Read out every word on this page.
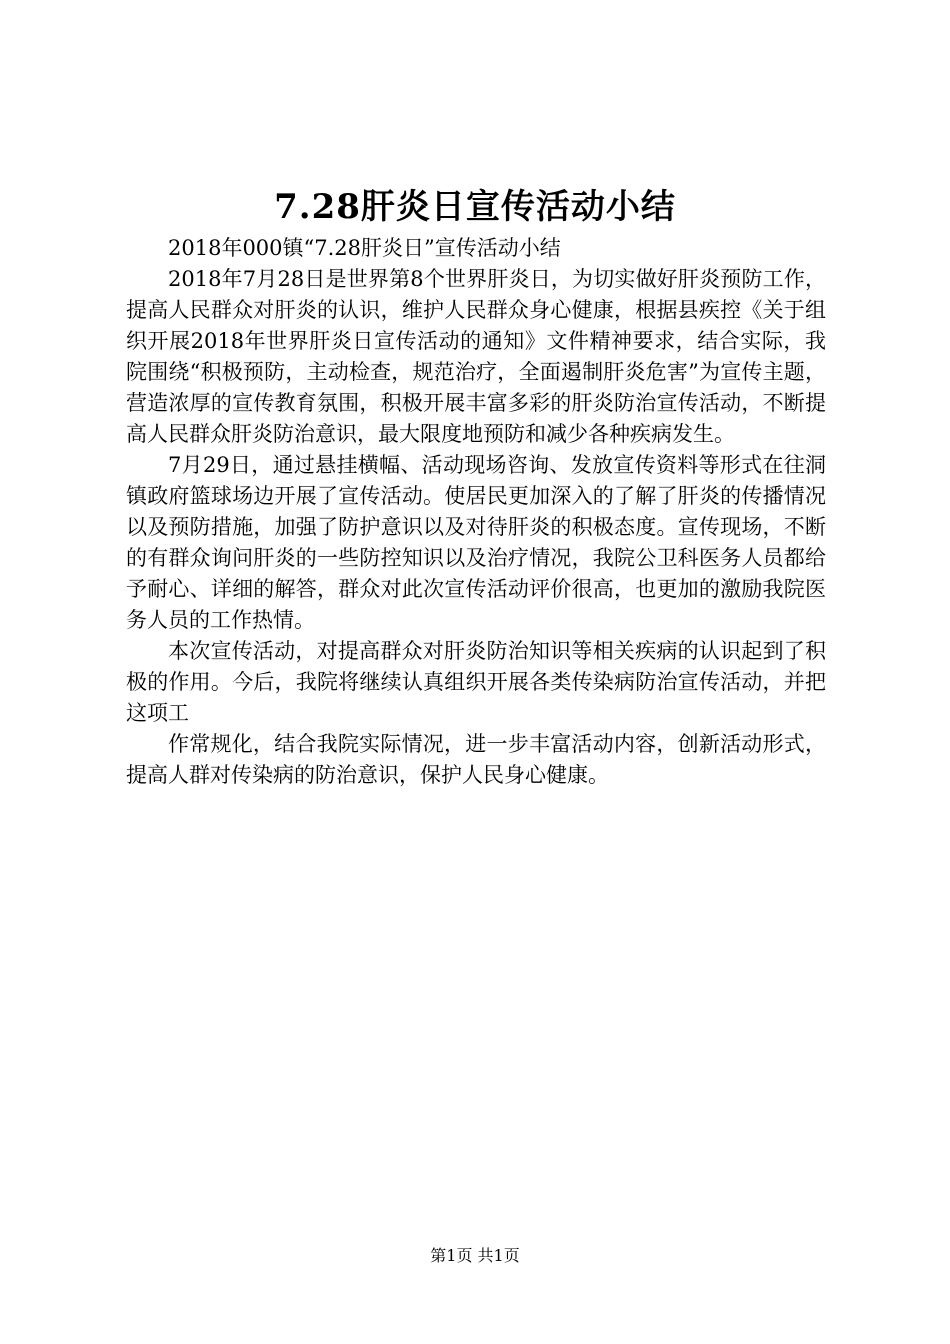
7.28肝炎日宣传活动小结

2018年000镇“7.28肝炎日”宣传活动小结

2018年7月28日是世界第8个世界肝炎日，为切实做好肝炎预防工作，提高人民群众对肝炎的认识，维护人民群众身心健康，根据县疾控《关于组织开展2018年世界肝炎日宣传活动的通知》文件精神要求，结合实际，我院围绕“积极预防，主动检查，规范治疗，全面遏制肝炎危害”为宣传主题，营造浓厚的宣传教育氛围，积极开展丰富多彩的肝炎防治宣传活动，不断提高人民群众肝炎防治意识，最大限度地预防和减少各种疾病发生。

7月29日，通过悬挂横幅、活动现场咨询、发放宣传资料等形式在往洞镇政府篮球场边开展了宣传活动。使居民更加深入的了解了肝炎的传播情况以及预防措施，加强了防护意识以及对待肝炎的积极态度。宣传现场，不断的有群众询问肝炎的一些防控知识以及治疗情况，我院公卫科医务人员都给予耐心、详细的解答，群众对此次宣传活动评价很高，也更加的激励我院医务人员的工作热情。

本次宣传活动，对提高群众对肝炎防治知识等相关疾病的认识起到了积极的作用。今后，我院将继续认真组织开展各类传染病防治宣传活动，并把这项工

作常规化，结合我院实际情况，进一步丰富活动内容，创新活动形式，提高人群对传染病的防治意识，保护人民身心健康。

第1页 共1页
